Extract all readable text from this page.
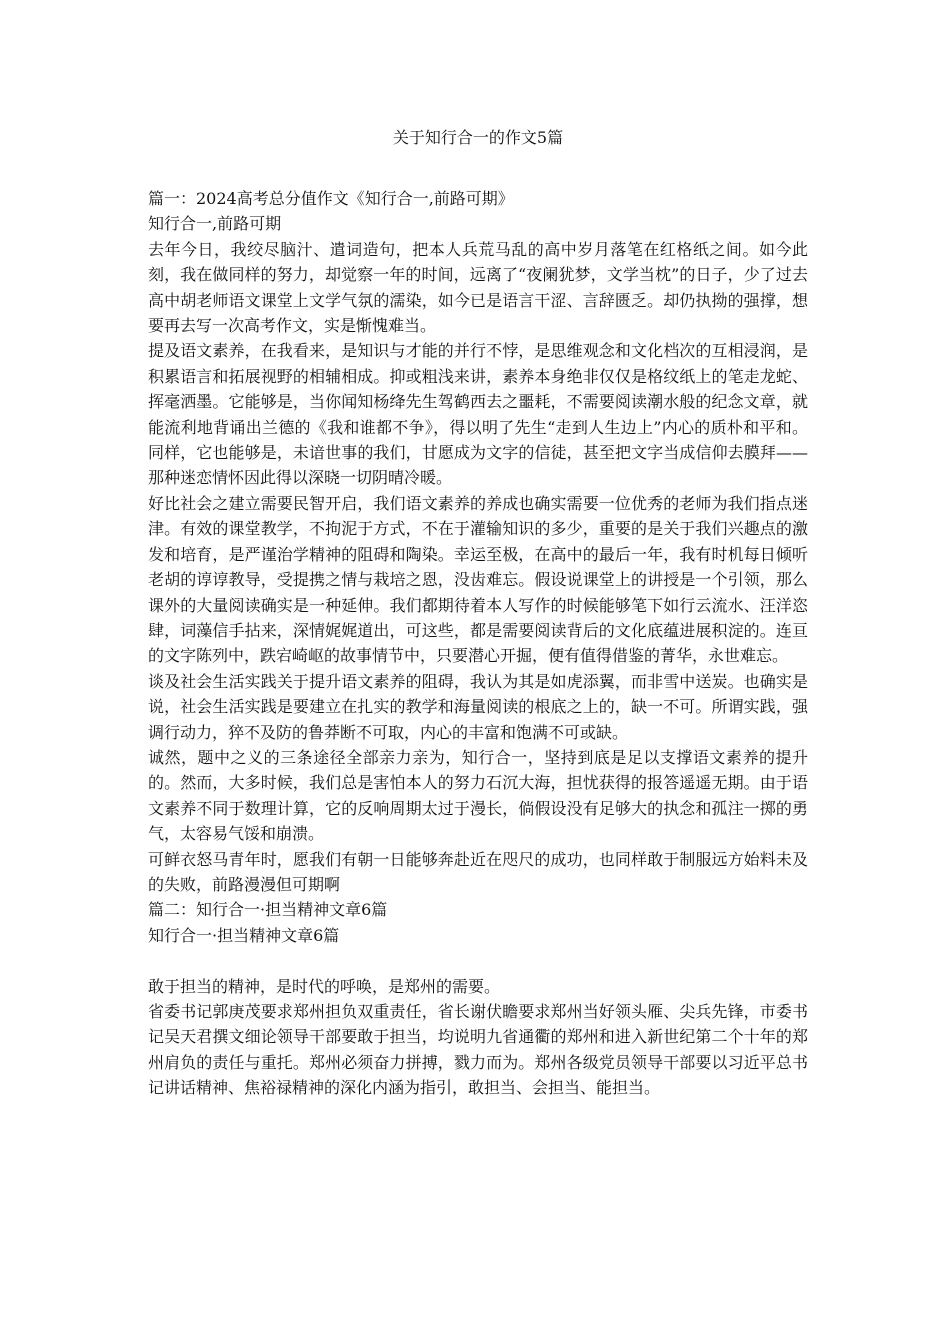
关于知行合一的作文5篇

篇一：2024高考总分值作文《知行合一,前路可期》

知行合一,前路可期

去年今日，我绞尽脑汁、遣词造句，把本人兵荒马乱的高中岁月落笔在红格纸之间。如今此刻，我在做同样的努力，却觉察一年的时间，远离了“夜阑犹梦，文学当枕”的日子，少了过去高中胡老师语文课堂上文学气氛的濡染，如今已是语言干涩、言辞匮乏。却仍执拗的强撑，想要再去写一次高考作文，实是惭愧难当。

提及语文素养，在我看来，是知识与才能的并行不悖，是思维观念和文化档次的互相浸润，是积累语言和拓展视野的相辅相成。抑或粗浅来讲，素养本身绝非仅仅是格纹纸上的笔走龙蛇、挥毫洒墨。它能够是，当你闻知杨绛先生驾鹤西去之噩耗，不需要阅读潮水般的纪念文章，就能流利地背诵出兰德的《我和谁都不争》，得以明了先生“走到人生边上”内心的质朴和平和。同样，它也能够是，未谙世事的我们，甘愿成为文字的信徒，甚至把文字当成信仰去膜拜——那种迷恋情怀因此得以深晓一切阴晴冷暖。

好比社会之建立需要民智开启，我们语文素养的养成也确实需要一位优秀的老师为我们指点迷津。有效的课堂教学，不拘泥于方式，不在于灌输知识的多少，重要的是关于我们兴趣点的激发和培育，是严谨治学精神的阻碍和陶染。幸运至极，在高中的最后一年，我有时机每日倾听老胡的谆谆教导，受提携之情与栽培之恩，没齿难忘。假设说课堂上的讲授是一个引领，那么课外的大量阅读确实是一种延伸。我们都期待着本人写作的时候能够笔下如行云流水、汪洋恣肆，词藻信手拈来，深情娓娓道出，可这些，都是需要阅读背后的文化底蕴进展积淀的。连亘的文字陈列中，跌宕崎岖的故事情节中，只要潜心开掘，便有值得借鉴的菁华，永世难忘。

谈及社会生活实践关于提升语文素养的阻碍，我认为其是如虎添翼，而非雪中送炭。也确实是说，社会生活实践是要建立在扎实的教学和海量阅读的根底之上的，缺一不可。所谓实践，强调行动力，猝不及防的鲁莽断不可取，内心的丰富和饱满不可或缺。

诚然，题中之义的三条途径全部亲力亲为，知行合一，坚持到底是足以支撑语文素养的提升的。然而，大多时候，我们总是害怕本人的努力石沉大海，担忧获得的报答遥遥无期。由于语文素养不同于数理计算，它的反响周期太过于漫长，倘假设没有足够大的执念和孤注一掷的勇气，太容易气馁和崩溃。

可鲜衣怒马青年时，愿我们有朝一日能够奔赴近在咫尺的成功，也同样敢于制服远方始料未及的失败，前路漫漫但可期啊

篇二：知行合一·担当精神文章6篇

知行合一·担当精神文章6篇

敢于担当的精神，是时代的呼唤，是郑州的需要。

省委书记郭庚茂要求郑州担负双重责任，省长谢伏瞻要求郑州当好领头雁、尖兵先锋，市委书记吴天君撰文细论领导干部要敢于担当，均说明九省通衢的郑州和进入新世纪第二个十年的郑州肩负的责任与重托。郑州必须奋力拼搏，戮力而为。郑州各级党员领导干部要以习近平总书记讲话精神、焦裕禄精神的深化内涵为指引，敢担当、会担当、能担当。
